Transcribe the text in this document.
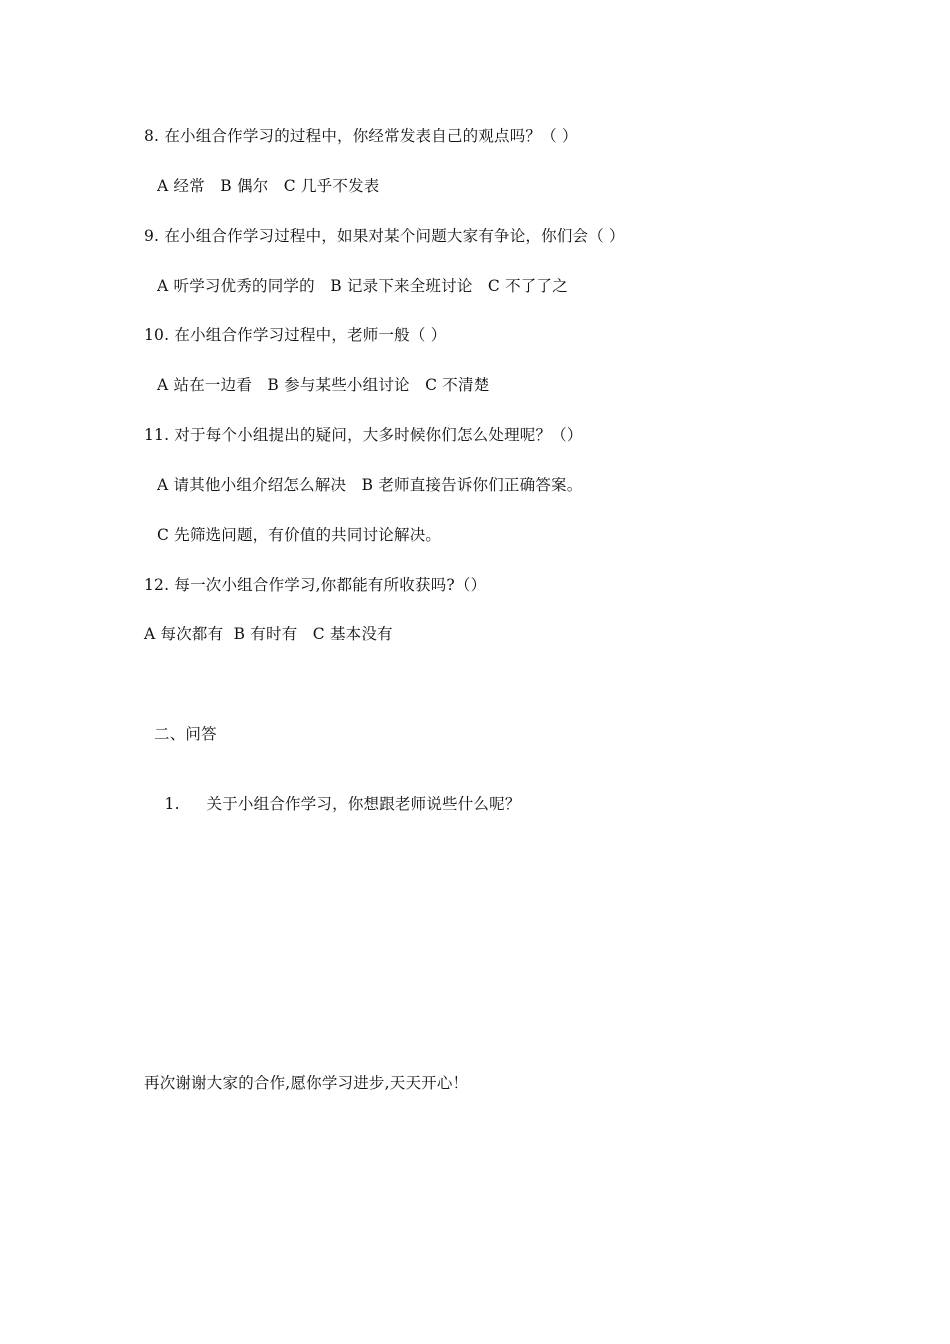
8. 在小组合作学习的过程中，你经常发表自己的观点吗？（ ）
A 经常   B 偶尔   C 几乎不发表
9. 在小组合作学习过程中，如果对某个问题大家有争论，你们会（ ）
A 听学习优秀的同学的   B 记录下来全班讨论   C 不了了之
10. 在小组合作学习过程中，老师一般（ ）
A 站在一边看   B 参与某些小组讨论   C 不清楚
11. 对于每个小组提出的疑问，大多时候你们怎么处理呢？（）
A 请其他小组介绍怎么解决   B 老师直接告诉你们正确答案。
C 先筛选问题，有价值的共同讨论解决。
12. 每一次小组合作学习,你都能有所收获吗?（）
A 每次都有  B 有时有   C 基本没有
二、问答

1. 关于小组合作学习，你想跟老师说些什么呢？

再次谢谢大家的合作,愿你学习进步,天天开心！
